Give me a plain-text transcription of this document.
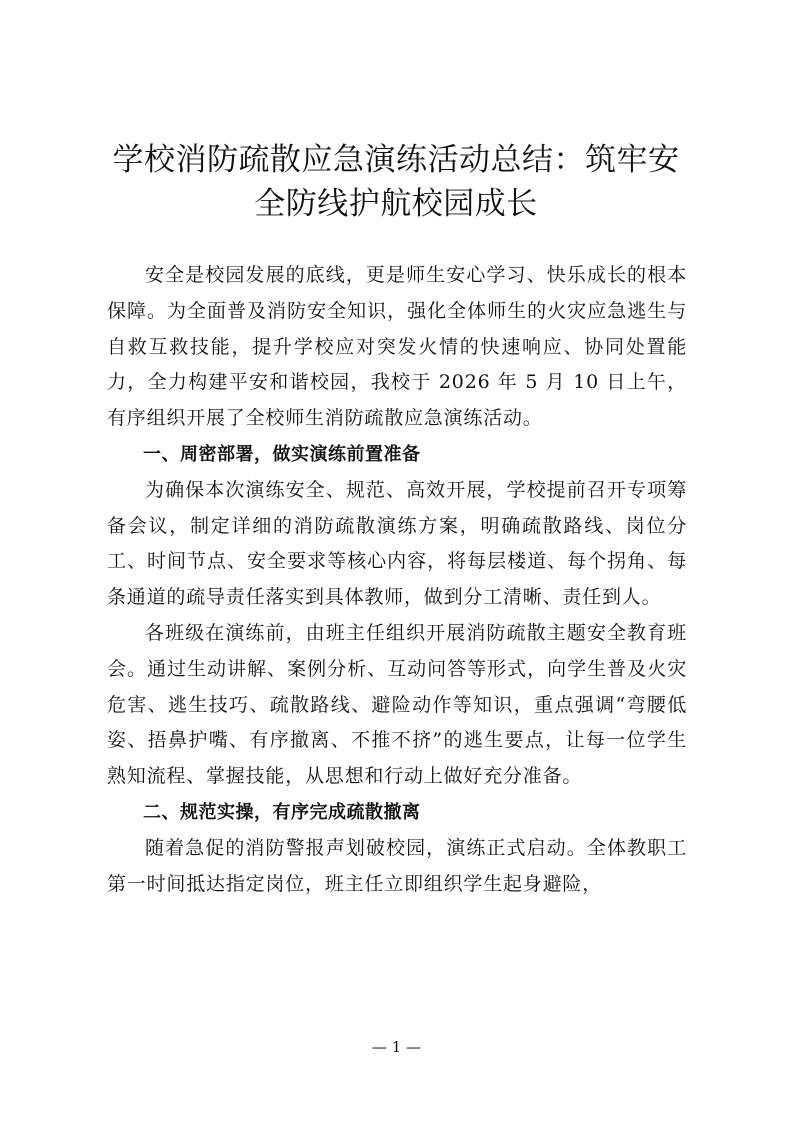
学校消防疏散应急演练活动总结：筑牢安全防线护航校园成长

安全是校园发展的底线，更是师生安心学习、快乐成长的根本保障。为全面普及消防安全知识，强化全体师生的火灾应急逃生与自救互救技能，提升学校应对突发火情的快速响应、协同处置能力，全力构建平安和谐校园，我校于 2026 年 5 月 10 日上午，有序组织开展了全校师生消防疏散应急演练活动。

一、周密部署，做实演练前置准备

为确保本次演练安全、规范、高效开展，学校提前召开专项筹备会议，制定详细的消防疏散演练方案，明确疏散路线、岗位分工、时间节点、安全要求等核心内容，将每层楼道、每个拐角、每条通道的疏导责任落实到具体教师，做到分工清晰、责任到人。

各班级在演练前，由班主任组织开展消防疏散主题安全教育班会。通过生动讲解、案例分析、互动问答等形式，向学生普及火灾危害、逃生技巧、疏散路线、避险动作等知识，重点强调“弯腰低姿、捂鼻护嘴、有序撤离、不推不挤”的逃生要点，让每一位学生熟知流程、掌握技能，从思想和行动上做好充分准备。

二、规范实操，有序完成疏散撤离

随着急促的消防警报声划破校园，演练正式启动。全体教职工第一时间抵达指定岗位，班主任立即组织学生起身避险，

— 1 —
